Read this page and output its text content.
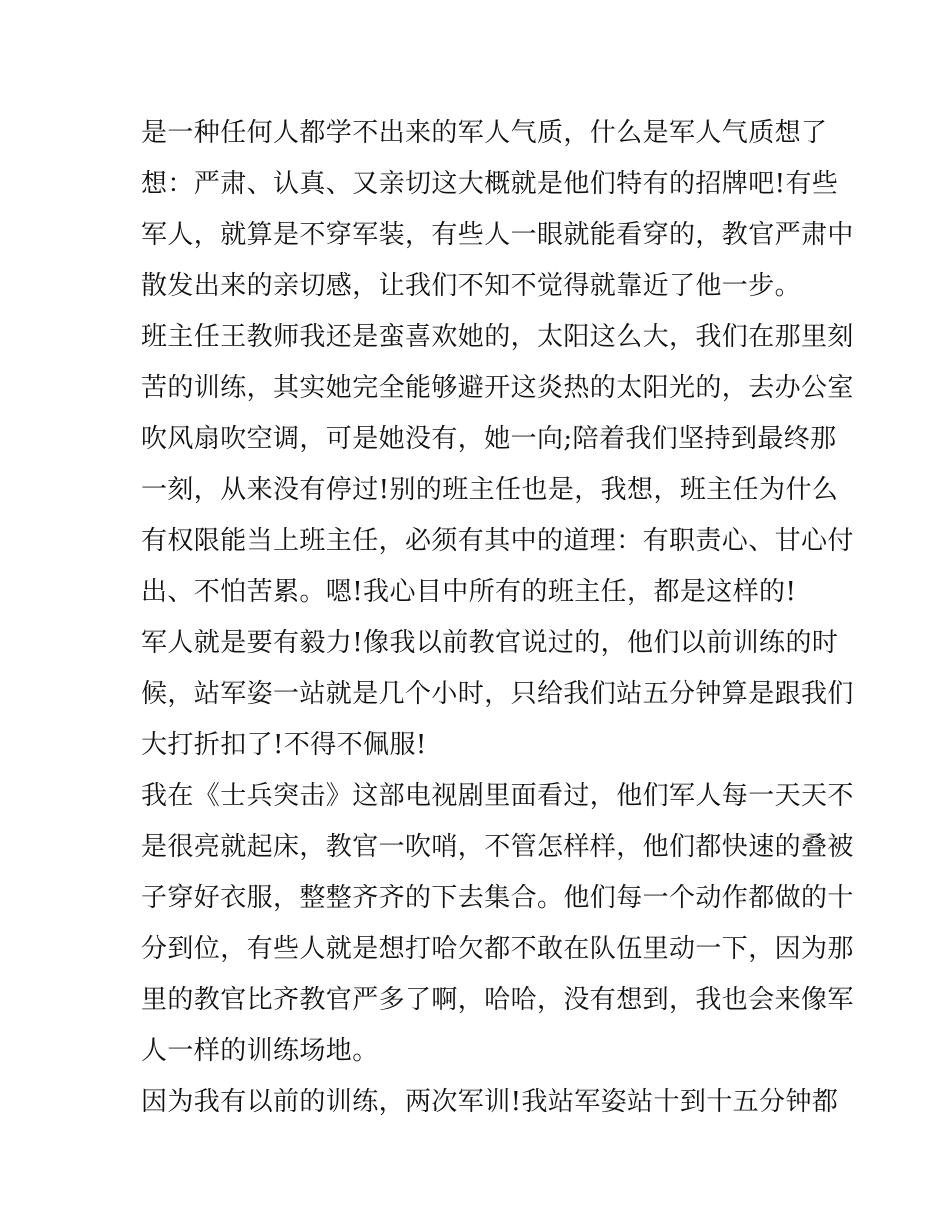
是一种任何人都学不出来的军人气质，什么是军人气质想了
想：严肃、认真、又亲切这大概就是他们特有的招牌吧!有些
军人，就算是不穿军装，有些人一眼就能看穿的，教官严肃中
散发出来的亲切感，让我们不知不觉得就靠近了他一步。
班主任王教师我还是蛮喜欢她的，太阳这么大，我们在那里刻
苦的训练，其实她完全能够避开这炎热的太阳光的，去办公室
吹风扇吹空调，可是她没有，她一向;陪着我们坚持到最终那
一刻，从来没有停过!别的班主任也是，我想，班主任为什么
有权限能当上班主任，必须有其中的道理：有职责心、甘心付
出、不怕苦累。嗯!我心目中所有的班主任，都是这样的!
军人就是要有毅力!像我以前教官说过的，他们以前训练的时
候，站军姿一站就是几个小时，只给我们站五分钟算是跟我们
大打折扣了!不得不佩服!
我在《士兵突击》这部电视剧里面看过，他们军人每一天天不
是很亮就起床，教官一吹哨，不管怎样样，他们都快速的叠被
子穿好衣服，整整齐齐的下去集合。他们每一个动作都做的十
分到位，有些人就是想打哈欠都不敢在队伍里动一下，因为那
里的教官比齐教官严多了啊，哈哈，没有想到，我也会来像军
人一样的训练场地。
因为我有以前的训练，两次军训!我站军姿站十到十五分钟都
